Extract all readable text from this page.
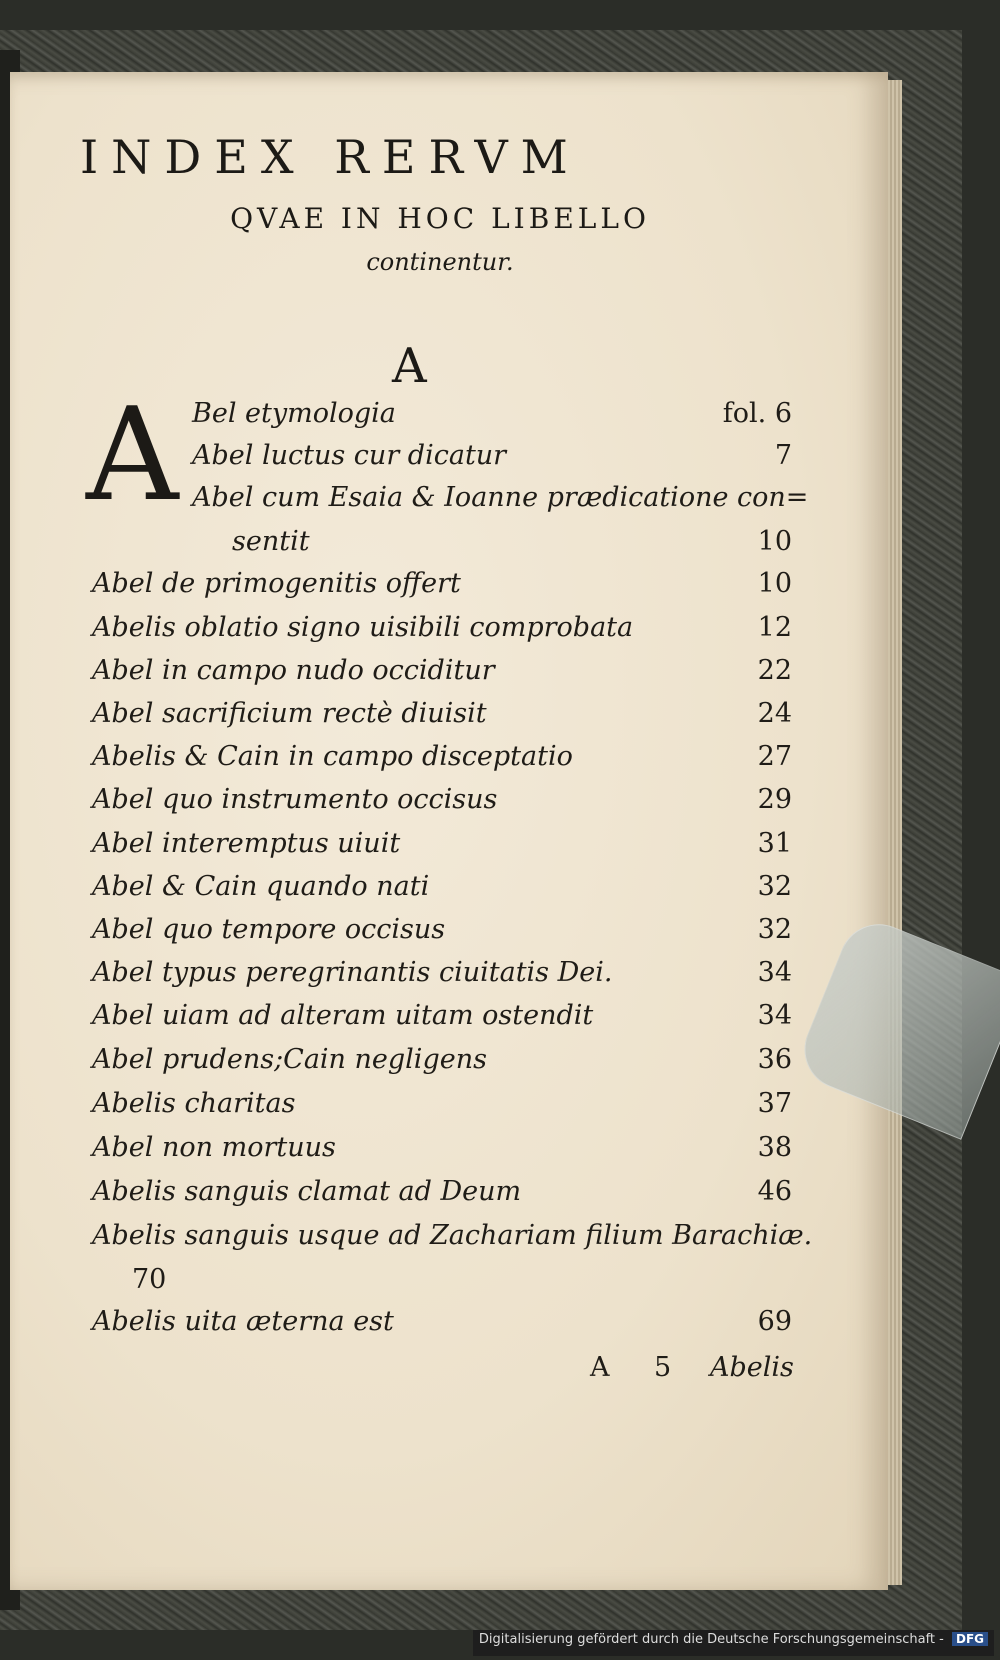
INDEX RERVM
QVAE IN HOC LIBELLO
continentur.
A
A Bel etymologia	fol. 6
Abel luctus cur dicatur	7
Abel cum Esaia & Ioanne prædicatione con=
sentit	10
Abel de primogenitis offert	10
Abelis oblatio signo uisibili comprobata	12
Abel in campo nudo occiditur	22
Abel sacrificium rectè diuisit	24
Abelis & Cain in campo disceptatio	27
Abel quo instrumento occisus	29
Abel interemptus uiuit	31
Abel & Cain quando nati	32
Abel quo tempore occisus	32
Abel typus peregrinantis ciuitatis Dei.	34
Abel uiam ad alteram uitam ostendit	34
Abel prudens;Cain negligens	36
Abelis charitas	37
Abel non mortuus	38
Abelis sanguis clamat ad Deum	46
Abelis sanguis usque ad Zachariam filium Barachiæ.
70
Abelis uita æterna est	69
A 5 Abelis
Digitalisierung gefördert durch die Deutsche Forschungsgemeinschaft - DFG
